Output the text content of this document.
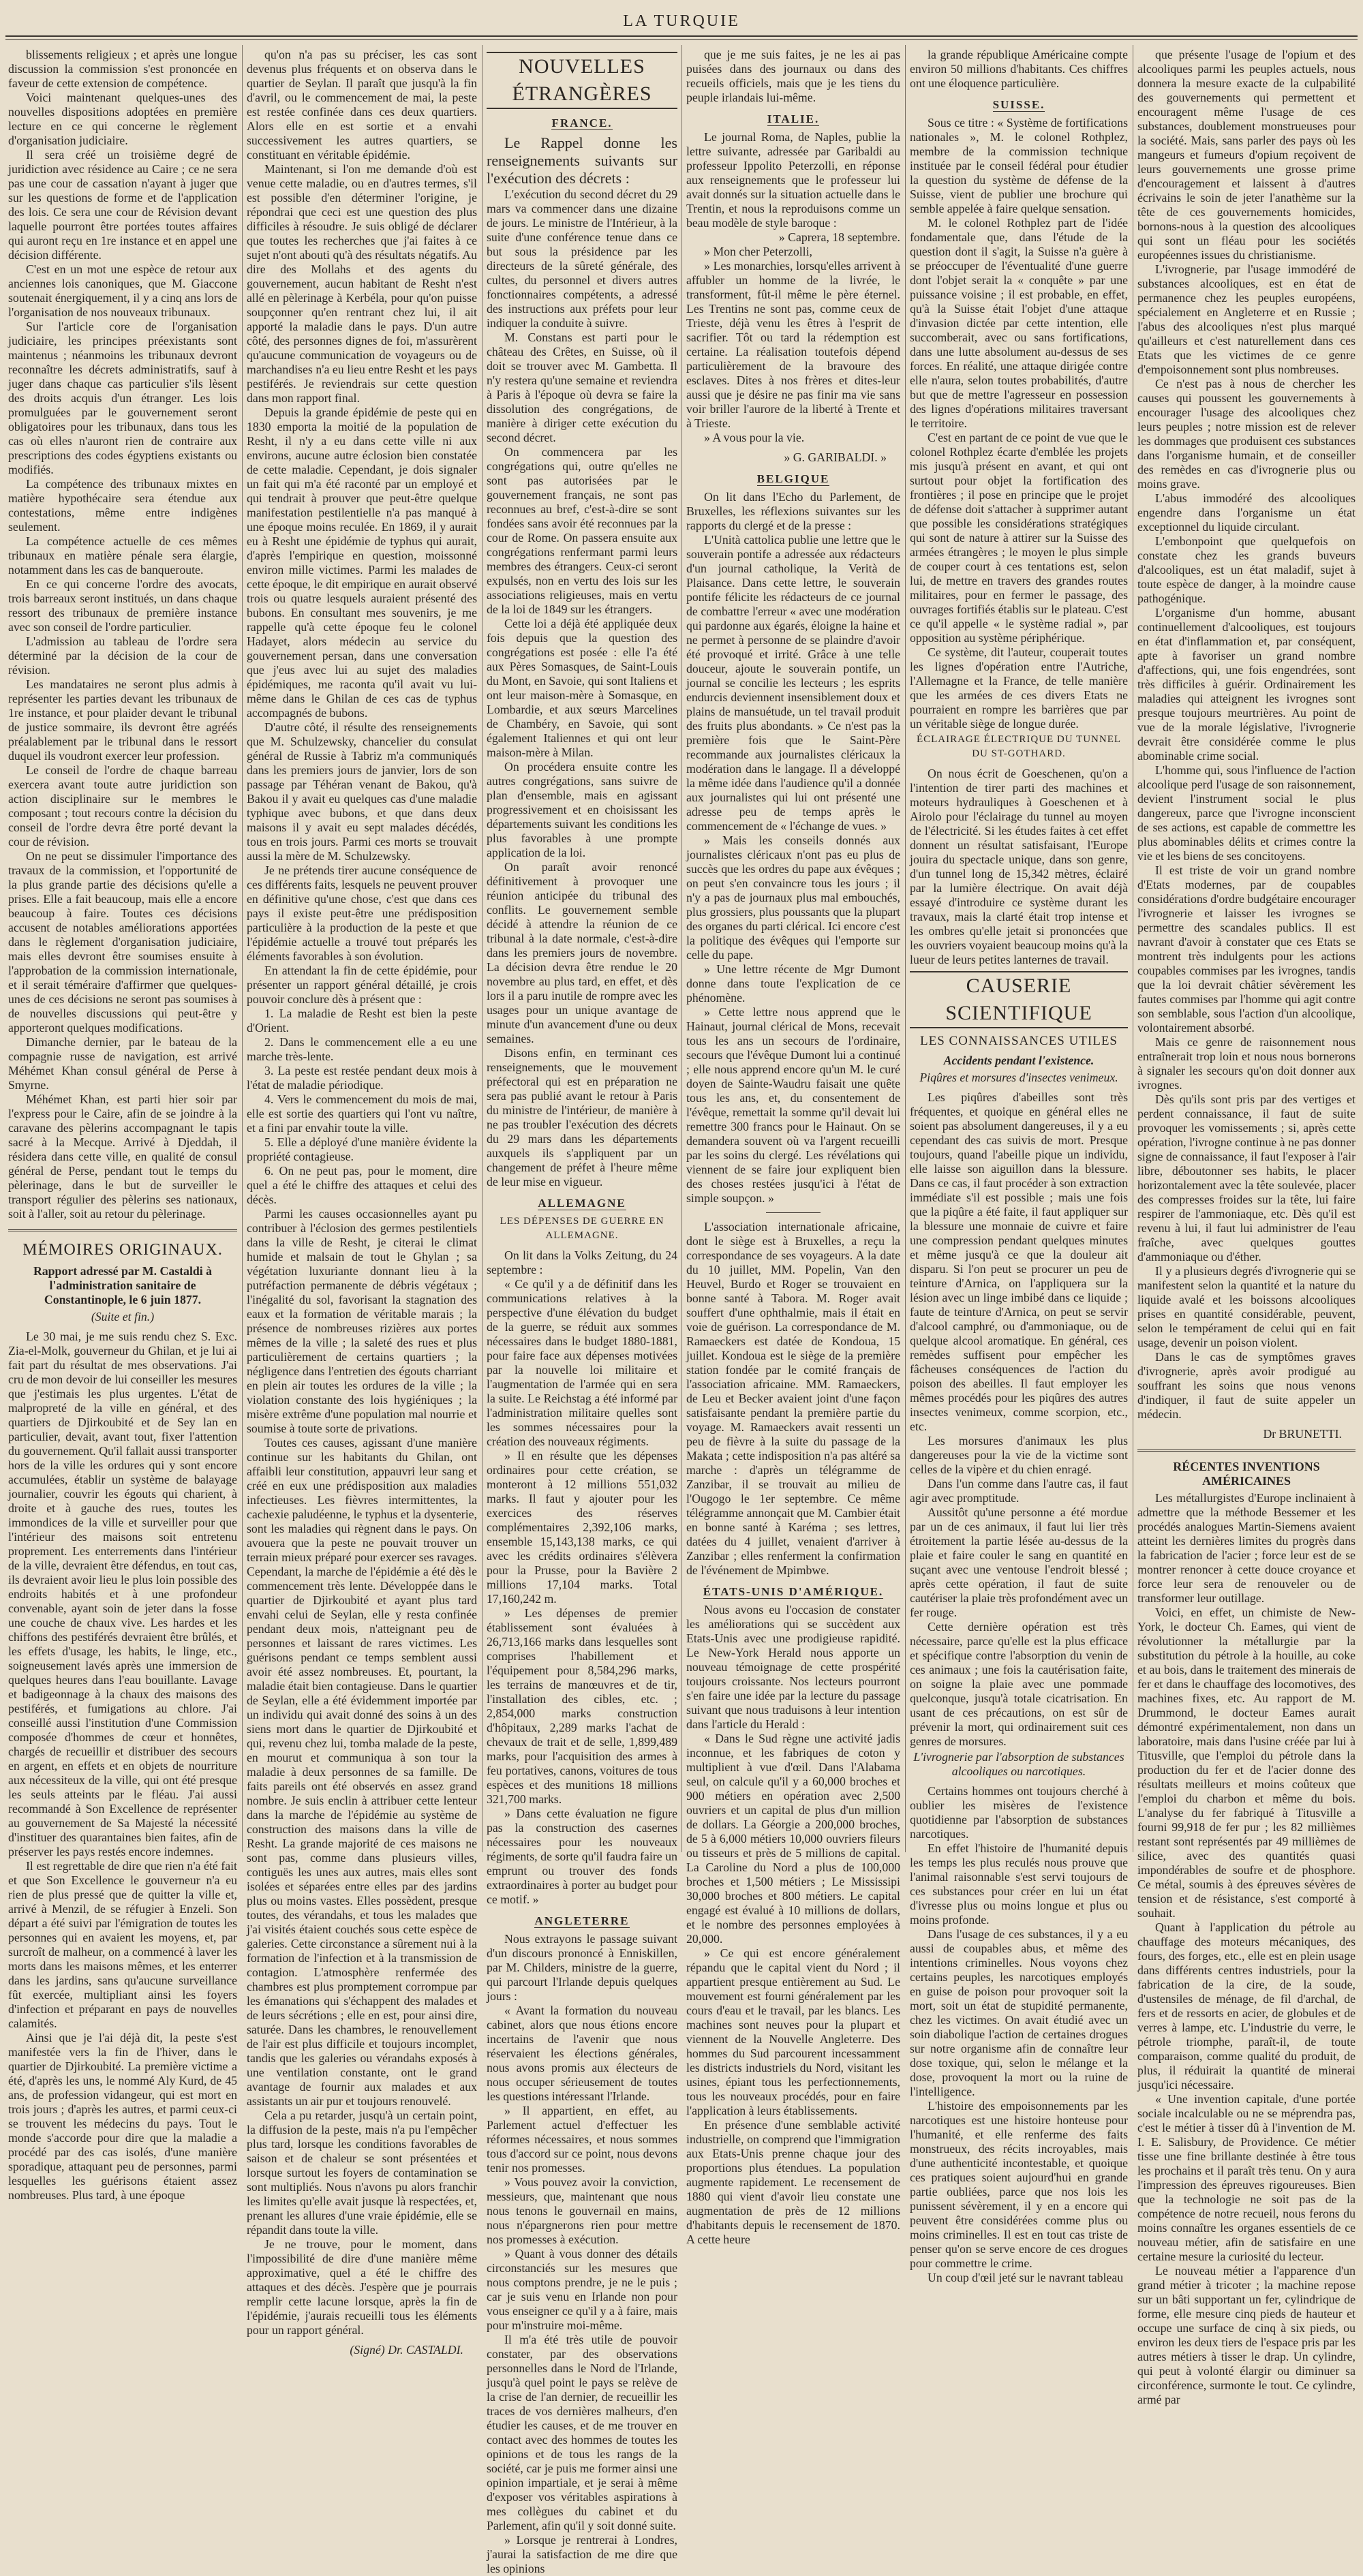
LA TURQUIE

blissements religieux ; et après une longue discussion la commission s'est prononcée en faveur de cette extension de compétence.

Voici maintenant quelques-unes des nouvelles dispositions adoptées en première lecture en ce qui concerne le règlement d'organisation judiciaire.

Il sera créé un troisième degré de juridiction avec résidence au Caire ; ce ne sera pas une cour de cassation n'ayant à juger que sur les questions de forme et de l'application des lois. Ce sera une cour de Révision devant laquelle pourront être portées toutes affaires qui auront reçu en 1re instance et en appel une décision différente.

C'est en un mot une espèce de retour aux anciennes lois canoniques, que M. Giaccone soutenait énergiquement, il y a cinq ans lors de l'organisation de nos nouveaux tribunaux.

Sur l'article core de l'organisation judiciaire, les principes préexistants sont maintenus ; néanmoins les tribunaux devront reconnaître les décrets administratifs, sauf à juger dans chaque cas particulier s'ils lèsent des droits acquis d'un étranger. Les lois promulguées par le gouvernement seront obligatoires pour les tribunaux, dans tous les cas où elles n'auront rien de contraire aux prescriptions des codes égyptiens existants ou modifiés.

La compétence des tribunaux mixtes en matière hypothécaire sera étendue aux contestations, même entre indigènes seulement.

La compétence actuelle de ces mêmes tribunaux en matière pénale sera élargie, notamment dans les cas de banqueroute.

En ce qui concerne l'ordre des avocats, trois barreaux seront institués, un dans chaque ressort des tribunaux de première instance avec son conseil de l'ordre particulier.

L'admission au tableau de l'ordre sera déterminé par la décision de la cour de révision.

Les mandataires ne seront plus admis à représenter les parties devant les tribunaux de 1re instance, et pour plaider devant le tribunal de justice sommaire, ils devront être agréés préalablement par le tribunal dans le ressort duquel ils voudront exercer leur profession.

Le conseil de l'ordre de chaque barreau exercera avant toute autre juridiction son action disciplinaire sur le membres le composant ; tout recours contre la décision du conseil de l'ordre devra être porté devant la cour de révision.

On ne peut se dissimuler l'importance des travaux de la commission, et l'opportunité de la plus grande partie des décisions qu'elle a prises. Elle a fait beaucoup, mais elle a encore beaucoup à faire. Toutes ces décisions accusent de notables améliorations apportées dans le règlement d'organisation judiciaire, mais elles devront être soumises ensuite à l'approbation de la commission internationale, et il serait téméraire d'affirmer que quelques-unes de ces décisions ne seront pas soumises à de nouvelles discussions qui peut-être y apporteront quelques modifications.

Dimanche dernier, par le bateau de la compagnie russe de navigation, est arrivé Méhémet Khan consul général de Perse à Smyrne.

Méhémet Khan, est parti hier soir par l'express pour le Caire, afin de se joindre à la caravane des pèlerins accompagnant le tapis sacré à la Mecque. Arrivé à Djeddah, il résidera dans cette ville, en qualité de consul général de Perse, pendant tout le temps du pèlerinage, dans le but de surveiller le transport régulier des pèlerins ses nationaux, soit à l'aller, soit au retour du pèlerinage.

MÉMOIRES ORIGINAUX.
Rapport adressé par M. Castaldi à l'administration sanitaire de Constantinople, le 6 juin 1877.
(Suite et fin.)

Le 30 mai, je me suis rendu chez S. Exc. Zia-el-Molk, gouverneur du Ghilan, et je lui ai fait part du résultat de mes observations. J'ai cru de mon devoir de lui conseiller les mesures que j'estimais les plus urgentes. L'état de malpropreté de la ville en général, et des quartiers de Djirkoubité et de Sey lan en particulier, devait, avant tout, fixer l'attention du gouvernement. Qu'il fallait aussi transporter hors de la ville les ordures qui y sont encore accumulées, établir un système de balayage journalier, couvrir les égouts qui charient, à droite et à gauche des rues, toutes les immondices de la ville et surveiller pour que l'intérieur des maisons soit entretenu proprement. Les enterrements dans l'intérieur de la ville, devraient être défendus, en tout cas, ils devraient avoir lieu le plus loin possible des endroits habités et à une profondeur convenable, ayant soin de jeter dans la fosse une couche de chaux vive. Les hardes et les chiffons des pestiférés devraient être brûlés, et les effets d'usage, les habits, le linge, etc., soigneusement lavés après une immersion de quelques heures dans l'eau bouillante. Lavage et badigeonnage à la chaux des maisons des pestiférés, et fumigations au chlore. J'ai conseillé aussi l'institution d'une Commission composée d'hommes de cœur et honnêtes, chargés de recueillir et distribuer des secours en argent, en effets et en objets de nourriture aux nécessiteux de la ville, qui ont été presque les seuls atteints par le fléau. J'ai aussi recommandé à Son Excellence de représenter au gouvernement de Sa Majesté la nécessité d'instituer des quarantaines bien faites, afin de préserver les pays restés encore indemnes.

Il est regrettable de dire que rien n'a été fait et que Son Excellence le gouverneur n'a eu rien de plus pressé que de quitter la ville et, arrivé à Menzil, de se réfugier à Enzeli. Son départ a été suivi par l'émigration de toutes les personnes qui en avaient les moyens, et, par surcroît de malheur, on a commencé à laver les morts dans les maisons mêmes, et les enterrer dans les jardins, sans qu'aucune surveillance fût exercée, multipliant ainsi les foyers d'infection et préparant en pays de nouvelles calamités.

Ainsi que je l'ai déjà dit, la peste s'est manifestée vers la fin de l'hiver, dans le quartier de Djirkoubité. La première victime a été, d'après les uns, le nommé Aly Kurd, de 45 ans, de profession vidangeur, qui est mort en trois jours ; d'après les autres, et parmi ceux-ci se trouvent les médecins du pays. Tout le monde s'accorde pour dire que la maladie a procédé par des cas isolés, d'une manière sporadique, attaquant peu de personnes, parmi lesquelles les guérisons étaient assez nombreuses. Plus tard, à une époque

qu'on n'a pas su préciser, les cas sont devenus plus fréquents et on observa dans le quartier de Seylan. Il paraît que jusqu'à la fin d'avril, ou le commencement de mai, la peste est restée confinée dans ces deux quartiers. Alors elle en est sortie et a envahi successivement les autres quartiers, se constituant en véritable épidémie.

Maintenant, si l'on me demande d'où est venue cette maladie, ou en d'autres termes, s'il est possible d'en déterminer l'origine, je répondrai que ceci est une question des plus difficiles à résoudre. Je suis obligé de déclarer que toutes les recherches que j'ai faites à ce sujet n'ont abouti qu'à des résultats négatifs. Au dire des Mollahs et des agents du gouvernement, aucun habitant de Resht n'est allé en pèlerinage à Kerbéla, pour qu'on puisse soupçonner qu'en rentrant chez lui, il ait apporté la maladie dans le pays. D'un autre côté, des personnes dignes de foi, m'assurèrent qu'aucune communication de voyageurs ou de marchandises n'a eu lieu entre Resht et les pays pestiférés. Je reviendrais sur cette question dans mon rapport final.

Depuis la grande épidémie de peste qui en 1830 emporta la moitié de la population de Resht, il n'y a eu dans cette ville ni aux environs, aucune autre éclosion bien constatée de cette maladie. Cependant, je dois signaler un fait qui m'a été raconté par un employé et qui tendrait à prouver que peut-être quelque manifestation pestilentielle n'a pas manqué à une époque moins reculée. En 1869, il y aurait eu à Resht une épidémie de typhus qui aurait, d'après l'empirique en question, moissonné environ mille victimes. Parmi les malades de cette époque, le dit empirique en aurait observé trois ou quatre lesquels auraient présenté des bubons. En consultant mes souvenirs, je me rappelle qu'à cette époque feu le colonel Hadayet, alors médecin au service du gouvernement persan, dans une conversation que j'eus avec lui au sujet des maladies épidémiques, me raconta qu'il avait vu lui-même dans le Ghilan de ces cas de typhus accompagnés de bubons.

D'autre côté, il résulte des renseignements que M. Schulzewsky, chancelier du consulat général de Russie à Tabriz m'a communiqués dans les premiers jours de janvier, lors de son passage par Téhéran venant de Bakou, qu'à Bakou il y avait eu quelques cas d'une maladie typhique avec bubons, et que dans deux maisons il y avait eu sept malades décédés, tous en trois jours. Parmi ces morts se trouvait aussi la mère de M. Schulzewsky.

Je ne prétends tirer aucune conséquence de ces différents faits, lesquels ne peuvent prouver en définitive qu'une chose, c'est que dans ces pays il existe peut-être une prédisposition particulière à la production de la peste et que l'épidémie actuelle a trouvé tout préparés les éléments favorables à son évolution.

En attendant la fin de cette épidémie, pour présenter un rapport général détaillé, je crois pouvoir conclure dès à présent que :

1. La maladie de Resht est bien la peste d'Orient.

2. Dans le commencement elle a eu une marche très-lente.

3. La peste est restée pendant deux mois à l'état de maladie périodique.

4. Vers le commencement du mois de mai, elle est sortie des quartiers qui l'ont vu naître, et a fini par envahir toute la ville.

5. Elle a déployé d'une manière évidente la propriété contagieuse.

6. On ne peut pas, pour le moment, dire quel a été le chiffre des attaques et celui des décès.

Parmi les causes occasionnelles ayant pu contribuer à l'éclosion des germes pestilentiels dans la ville de Resht, je citerai le climat humide et malsain de tout le Ghylan ; sa végétation luxuriante donnant lieu à la putréfaction permanente de débris végétaux ; l'inégalité du sol, favorisant la stagnation des eaux et la formation de véritable marais ; la présence de nombreuses rizières aux portes mêmes de la ville ; la saleté des rues et plus particulièrement de certains quartiers ; la négligence dans l'entretien des égouts charriant en plein air toutes les ordures de la ville ; la violation constante des lois hygiéniques ; la misère extrême d'une population mal nourrie et soumise à toute sorte de privations.

Toutes ces causes, agissant d'une manière continue sur les habitants du Ghilan, ont affaibli leur constitution, appauvri leur sang et créé en eux une prédisposition aux maladies infectieuses. Les fièvres intermittentes, la cachexie paludéenne, le typhus et la dysenterie, sont les maladies qui règnent dans le pays. On avouera que la peste ne pouvait trouver un terrain mieux préparé pour exercer ses ravages. Cependant, la marche de l'épidémie a été dès le commencement très lente. Développée dans le quartier de Djirkoubité et ayant plus tard envahi celui de Seylan, elle y resta confinée pendant deux mois, n'atteignant peu de personnes et laissant de rares victimes. Les guérisons pendant ce temps semblent aussi avoir été assez nombreuses. Et, pourtant, la maladie était bien contagieuse. Dans le quartier de Seylan, elle a été évidemment importée par un individu qui avait donné des soins à un des siens mort dans le quartier de Djirkoubité et qui, revenu chez lui, tomba malade de la peste, en mourut et communiqua à son tour la maladie à deux personnes de sa famille. De faits pareils ont été observés en assez grand nombre. Je suis enclin à attribuer cette lenteur dans la marche de l'épidémie au système de construction des maisons dans la ville de Resht. La grande majorité de ces maisons ne sont pas, comme dans plusieurs villes, contiguës les unes aux autres, mais elles sont isolées et séparées entre elles par des jardins plus ou moins vastes. Elles possèdent, presque toutes, des vérandahs, et tous les malades que j'ai visités étaient couchés sous cette espèce de galeries. Cette circonstance a sûrement nui à la formation de l'infection et à la transmission de contagion. L'atmosphère renfermée des chambres est plus promptement corrompue par les émanations qui s'échappent des malades et de leurs sécrétions ; elle en est, pour ainsi dire, saturée. Dans les chambres, le renouvellement de l'air est plus difficile et toujours incomplet, tandis que les galeries ou vérandahs exposés à une ventilation constante, ont le grand avantage de fournir aux malades et aux assistants un air pur et toujours renouvelé.

Cela a pu retarder, jusqu'à un certain point, la diffusion de la peste, mais n'a pu l'empêcher plus tard, lorsque les conditions favorables de saison et de chaleur se sont présentées et lorsque surtout les foyers de contamination se sont multipliés. Nous n'avons pu alors franchir les limites qu'elle avait jusque là respectées, et, prenant les allures d'une vraie épidémie, elle se répandit dans toute la ville.

Je ne trouve, pour le moment, dans l'impossibilité de dire d'une manière même approximative, quel a été le chiffre des attaques et des décès. J'espère que je pourrais remplir cette lacune lorsque, après la fin de l'épidémie, j'aurais recueilli tous les éléments pour un rapport général.

(Signé) Dr. CASTALDI.
NOUVELLES ÉTRANGÈRES
FRANCE.

Le Rappel donne les renseignements suivants sur l'exécution des décrets :

L'exécution du second décret du 29 mars va commencer dans une dizaine de jours. Le ministre de l'Intérieur, à la suite d'une conférence tenue dans ce but sous la présidence par les directeurs de la sûreté générale, des cultes, du personnel et divers autres fonctionnaires compétents, a adressé des instructions aux préfets pour leur indiquer la conduite à suivre.

M. Constans est parti pour le château des Crêtes, en Suisse, où il doit se trouver avec M. Gambetta. Il n'y restera qu'une semaine et reviendra à Paris à l'époque où devra se faire la dissolution des congrégations, de manière à diriger cette exécution du second décret.

On commencera par les congrégations qui, outre qu'elles ne sont pas autorisées par le gouvernement français, ne sont pas reconnues au bref, c'est-à-dire se sont fondées sans avoir été reconnues par la cour de Rome. On passera ensuite aux congrégations renfermant parmi leurs membres des étrangers. Ceux-ci seront expulsés, non en vertu des lois sur les associations religieuses, mais en vertu de la loi de 1849 sur les étrangers.

Cette loi a déjà été appliquée deux fois depuis que la question des congrégations est posée : elle l'a été aux Pères Somasques, de Saint-Louis du Mont, en Savoie, qui sont Italiens et ont leur maison-mère à Somasque, en Lombardie, et aux sœurs Marcelines de Chambéry, en Savoie, qui sont également Italiennes et qui ont leur maison-mère à Milan.

On procédera ensuite contre les autres congrégations, sans suivre de plan d'ensemble, mais en agissant progressivement et en choisissant les départements suivant les conditions les plus favorables à une prompte application de la loi.

On paraît avoir renoncé définitivement à provoquer une réunion anticipée du tribunal des conflits. Le gouvernement semble décidé à attendre la réunion de ce tribunal à la date normale, c'est-à-dire dans les premiers jours de novembre. La décision devra être rendue le 20 novembre au plus tard, en effet, et dès lors il a paru inutile de rompre avec les usages pour un unique avantage de minute d'un avancement d'une ou deux semaines.

Disons enfin, en terminant ces renseignements, que le mouvement préfectoral qui est en préparation ne sera pas publié avant le retour à Paris du ministre de l'intérieur, de manière à ne pas troubler l'exécution des décrets du 29 mars dans les départements auxquels ils s'appliquent par un changement de préfet à l'heure même de leur mise en vigueur.

ALLEMAGNE
LES DÉPENSES DE GUERRE EN ALLEMAGNE.

On lit dans la Volks Zeitung, du 24 septembre :

« Ce qu'il y a de définitif dans les communications relatives à la perspective d'une élévation du budget de la guerre, se réduit aux sommes nécessaires dans le budget 1880-1881, pour faire face aux dépenses motivées par la nouvelle loi militaire et l'augmentation de l'armée qui en sera la suite. Le Reichstag a été informé par l'administration militaire quelles sont les sommes nécessaires pour la création des nouveaux régiments.

» Il en résulte que les dépenses ordinaires pour cette création, se monteront à 12 millions 551,032 marks. Il faut y ajouter pour les exercices des réserves complémentaires 2,392,106 marks, ensemble 15,143,138 marks, ce qui avec les crédits ordinaires s'élèvera pour la Prusse, pour la Bavière 2 millions 17,104 marks. Total 17,160,242 m.

» Les dépenses de premier établissement sont évaluées à 26,713,166 marks dans lesquelles sont comprises l'habillement et l'équipement pour 8,584,296 marks, les terrains de manœuvres et de tir, l'installation des cibles, etc. ; 2,854,000 marks construction d'hôpitaux, 2,289 marks l'achat de chevaux de trait et de selle, 1,899,489 marks, pour l'acquisition des armes à feu portatives, canons, voitures de tous espèces et des munitions 18 millions 321,700 marks.

» Dans cette évaluation ne figure pas la construction des casernes nécessaires pour les nouveaux régiments, de sorte qu'il faudra faire un emprunt ou trouver des fonds extraordinaires à porter au budget pour ce motif. »

ANGLETERRE

Nous extrayons le passage suivant d'un discours prononcé à Enniskillen, par M. Childers, ministre de la guerre, qui parcourt l'Irlande depuis quelques jours :

« Avant la formation du nouveau cabinet, alors que nous étions encore incertains de l'avenir que nous réservaient les élections générales, nous avons promis aux électeurs de nous occuper sérieusement de toutes les questions intéressant l'Irlande.

» Il appartient, en effet, au Parlement actuel d'effectuer les réformes nécessaires, et nous sommes tous d'accord sur ce point, nous devons tenir nos promesses.

» Vous pouvez avoir la conviction, messieurs, que, maintenant que nous nous tenons le gouvernail en mains, nous n'épargnerons rien pour mettre nos promesses à exécution.

» Quant à vous donner des détails circonstanciés sur les mesures que nous comptons prendre, je ne le puis ; car je suis venu en Irlande non pour vous enseigner ce qu'il y a à faire, mais pour m'instruire moi-même.

Il m'a été très utile de pouvoir constater, par des observations personnelles dans le Nord de l'Irlande, jusqu'à quel point le pays se relève de la crise de l'an dernier, de recueillir les traces de vos dernières malheurs, d'en étudier les causes, et de me trouver en contact avec des hommes de toutes les opinions et de tous les rangs de la société, car je puis me former ainsi une opinion impartiale, et je serai à même d'exposer vos véritables aspirations à mes collègues du cabinet et du Parlement, afin qu'il y soit donné suite.

» Lorsque je rentrerai à Londres, j'aurai la satisfaction de me dire que les opinions

que je me suis faites, je ne les ai pas puisées dans des journaux ou dans des recueils officiels, mais que je les tiens du peuple irlandais lui-même.

ITALIE.

Le journal Roma, de Naples, publie la lettre suivante, adressée par Garibaldi au professeur Ippolito Peterzolli, en réponse aux renseignements que le professeur lui avait donnés sur la situation actuelle dans le Trentin, et nous la reproduisons comme un beau modèle de style baroque :

» Caprera, 18 septembre.

» Mon cher Peterzolli,

» Les monarchies, lorsqu'elles arrivent à affubler un homme de la livrée, le transforment, fût-il même le père éternel. Les Trentins ne sont pas, comme ceux de Trieste, déjà venu les êtres à l'esprit de sacrifier. Tôt ou tard la rédemption est certaine. La réalisation toutefois dépend particulièrement de la bravoure des esclaves. Dites à nos frères et dites-leur aussi que je désire ne pas finir ma vie sans voir briller l'aurore de la liberté à Trente et à Trieste.

» A vous pour la vie.

» G. GARIBALDI. »
BELGIQUE

On lit dans l'Echo du Parlement, de Bruxelles, les réflexions suivantes sur les rapports du clergé et de la presse :

L'Unità cattolica publie une lettre que le souverain pontife a adressée aux rédacteurs d'un journal catholique, la Verità de Plaisance. Dans cette lettre, le souverain pontife félicite les rédacteurs de ce journal de combattre l'erreur « avec une modération qui pardonne aux égarés, éloigne la haine et ne permet à personne de se plaindre d'avoir été provoqué et irrité. Grâce à une telle douceur, ajoute le souverain pontife, un journal se concilie les lecteurs ; les esprits endurcis deviennent insensiblement doux et plains de mansuétude, un tel travail produit des fruits plus abondants. » Ce n'est pas la première fois que le Saint-Père recommande aux journalistes cléricaux la modération dans le langage. Il a développé la même idée dans l'audience qu'il a donnée aux journalistes qui lui ont présenté une adresse peu de temps après le commencement de « l'échange de vues. »

» Mais les conseils donnés aux journalistes cléricaux n'ont pas eu plus de succès que les ordres du pape aux évêques ; on peut s'en convaincre tous les jours ; il n'y a pas de journaux plus mal embouchés, plus grossiers, plus poussants que la plupart des organes du parti clérical. Ici encore c'est la politique des évêques qui l'emporte sur celle du pape.

» Une lettre récente de Mgr Dumont donne dans toute l'explication de ce phénomène.

» Cette lettre nous apprend que le Hainaut, journal clérical de Mons, recevait tous les ans un secours de l'ordinaire, secours que l'évêque Dumont lui a continué ; elle nous apprend encore qu'un M. le curé doyen de Sainte-Waudru faisait une quête tous les ans, et, du consentement de l'évêque, remettait la somme qu'il devait lui remettre 300 francs pour le Hainaut. On se demandera souvent où va l'argent recueilli par les soins du clergé. Les révélations qui viennent de se faire jour expliquent bien des choses restées jusqu'ici à l'état de simple soupçon. »

L'association internationale africaine, dont le siège est à Bruxelles, a reçu la correspondance de ses voyageurs. A la date du 10 juillet, MM. Popelin, Van den Heuvel, Burdo et Roger se trouvaient en bonne santé à Tabora. M. Roger avait souffert d'une ophthalmie, mais il était en voie de guérison. La correspondance de M. Ramaeckers est datée de Kondoua, 15 juillet. Kondoua est le siège de la première station fondée par le comité français de l'association africaine. MM. Ramaeckers, de Leu et Becker avaient joint d'une façon satisfaisante pendant la première partie du voyage. M. Ramaeckers avait ressenti un peu de fièvre à la suite du passage de la Makata ; cette indisposition n'a pas altéré sa marche : d'après un télégramme de Zanzibar, il se trouvait au milieu de l'Ougogo le 1er septembre. Ce même télégramme annonçait que M. Cambier était en bonne santé à Karéma ; ses lettres, datées du 4 juillet, venaient d'arriver à Zanzibar ; elles renferment la confirmation de l'événement de Mpimbwe.

ÉTATS-UNIS D'AMÉRIQUE.

Nous avons eu l'occasion de constater les améliorations qui se succèdent aux Etats-Unis avec une prodigieuse rapidité. Le New-York Herald nous apporte un nouveau témoignage de cette prospérité toujours croissante. Nos lecteurs pourront s'en faire une idée par la lecture du passage suivant que nous traduisons à leur intention dans l'article du Herald :

« Dans le Sud règne une activité jadis inconnue, et les fabriques de coton y multiplient à vue d'œil. Dans l'Alabama seul, on calcule qu'il y a 60,000 broches et 900 métiers en opération avec 2,500 ouvriers et un capital de plus d'un million de dollars. La Géorgie a 200,000 broches, de 5 à 6,000 métiers 10,000 ouvriers fileurs ou tisseurs et près de 5 millions de capital. La Caroline du Nord a plus de 100,000 broches et 1,500 métiers ; Le Mississipi 30,000 broches et 800 métiers. Le capital engagé est évalué à 10 millions de dollars, et le nombre des personnes employées à 20,000.

» Ce qui est encore généralement répandu que le capital vient du Nord ; il appartient presque entièrement au Sud. Le mouvement est fourni généralement par les cours d'eau et le travail, par les blancs. Les machines sont neuves pour la plupart et viennent de la Nouvelle Angleterre. Des hommes du Sud parcourent incessamment les districts industriels du Nord, visitant les usines, épiant tous les perfectionnements, tous les nouveaux procédés, pour en faire l'application à leurs établissements.

En présence d'une semblable activité industrielle, on comprend que l'immigration aux Etats-Unis prenne chaque jour des proportions plus étendues. La population augmente rapidement. Le recensement de 1880 qui vient d'avoir lieu constate une augmentation de près de 12 millions d'habitants depuis le recensement de 1870. A cette heure

la grande république Américaine compte environ 50 millions d'habitants. Ces chiffres ont une éloquence particulière.

SUISSE.

Sous ce titre : « Système de fortifications nationales », M. le colonel Rothplez, membre de la commission technique instituée par le conseil fédéral pour étudier la question du système de défense de la Suisse, vient de publier une brochure qui semble appelée à faire quelque sensation.

M. le colonel Rothplez part de l'idée fondamentale que, dans l'étude de la question dont il s'agit, la Suisse n'a guère à se préoccuper de l'éventualité d'une guerre dont l'objet serait la « conquête » par une puissance voisine ; il est probable, en effet, qu'à la Suisse était l'objet d'une attaque d'invasion dictée par cette intention, elle succomberait, avec ou sans fortifications, dans une lutte absolument au-dessus de ses forces. En réalité, une attaque dirigée contre elle n'aura, selon toutes probabilités, d'autre but que de mettre l'agresseur en possession des lignes d'opérations militaires traversant le territoire.

C'est en partant de ce point de vue que le colonel Rothplez écarte d'emblée les projets mis jusqu'à présent en avant, et qui ont surtout pour objet la fortification des frontières ; il pose en principe que le projet de défense doit s'attacher à supprimer autant que possible les considérations stratégiques qui sont de nature à attirer sur la Suisse des armées étrangères ; le moyen le plus simple de couper court à ces tentations est, selon lui, de mettre en travers des grandes routes militaires, pour en fermer le passage, des ouvrages fortifiés établis sur le plateau. C'est ce qu'il appelle « le système radial », par opposition au système périphérique.

Ce système, dit l'auteur, couperait toutes les lignes d'opération entre l'Autriche, l'Allemagne et la France, de telle manière que les armées de ces divers Etats ne pourraient en rompre les barrières que par un véritable siège de longue durée.

ÉCLAIRAGE ÉLECTRIQUE DU TUNNEL DU ST-GOTHARD.

On nous écrit de Goeschenen, qu'on a l'intention de tirer parti des machines et moteurs hydrauliques à Goeschenen et à Airolo pour l'éclairage du tunnel au moyen de l'électricité. Si les études faites à cet effet donnent un résultat satisfaisant, l'Europe jouira du spectacle unique, dans son genre, d'un tunnel long de 15,342 mètres, éclairé par la lumière électrique. On avait déjà essayé d'introduire ce système durant les travaux, mais la clarté était trop intense et les ombres qu'elle jetait si prononcées que les ouvriers voyaient beaucoup moins qu'à la lueur de leurs petites lanternes de travail.

CAUSERIE SCIENTIFIQUE
LES CONNAISSANCES UTILES
Accidents pendant l'existence.
Piqûres et morsures d'insectes venimeux.

Les piqûres d'abeilles sont très fréquentes, et quoique en général elles ne soient pas absolument dangereuses, il y a eu cependant des cas suivis de mort. Presque toujours, quand l'abeille pique un individu, elle laisse son aiguillon dans la blessure. Dans ce cas, il faut procéder à son extraction immédiate s'il est possible ; mais une fois que la piqûre a été faite, il faut appliquer sur la blessure une monnaie de cuivre et faire une compression pendant quelques minutes et même jusqu'à ce que la douleur ait disparu. Si l'on peut se procurer un peu de teinture d'Arnica, on l'appliquera sur la lésion avec un linge imbibé dans ce liquide ; faute de teinture d'Arnica, on peut se servir d'alcool camphré, ou d'ammoniaque, ou de quelque alcool aromatique. En général, ces remèdes suffisent pour empêcher les fâcheuses conséquences de l'action du poison des abeilles. Il faut employer les mêmes procédés pour les piqûres des autres insectes venimeux, comme scorpion, etc., etc.

Les morsures d'animaux les plus dangereuses pour la vie de la victime sont celles de la vipère et du chien enragé.

Dans l'un comme dans l'autre cas, il faut agir avec promptitude.

Aussitôt qu'une personne a été mordue par un de ces animaux, il faut lui lier très étroitement la partie lésée au-dessus de la plaie et faire couler le sang en quantité en suçant avec une ventouse l'endroit blessé ; après cette opération, il faut de suite cautériser la plaie très profondément avec un fer rouge.

Cette dernière opération est très nécessaire, parce qu'elle est la plus efficace et spécifique contre l'absorption du venin de ces animaux ; une fois la cautérisation faite, on soigne la plaie avec une pommade quelconque, jusqu'à totale cicatrisation. En usant de ces précautions, on est sûr de prévenir la mort, qui ordinairement suit ces genres de morsures.

L'ivrognerie par l'absorption de substances alcooliques ou narcotiques.

Certains hommes ont toujours cherché à oublier les misères de l'existence quotidienne par l'absorption de substances narcotiques.

En effet l'histoire de l'humanité depuis les temps les plus reculés nous prouve que l'animal raisonnable s'est servi toujours de ces substances pour créer en lui un état d'ivresse plus ou moins longue et plus ou moins profonde.

Dans l'usage de ces substances, il y a eu aussi de coupables abus, et même des intentions criminelles. Nous voyons chez certains peuples, les narcotiques employés en guise de poison pour provoquer soit la mort, soit un état de stupidité permanente, chez les victimes. On avait étudié avec un soin diabolique l'action de certaines drogues sur notre organisme afin de connaître leur dose toxique, qui, selon le mélange et la dose, provoquent la mort ou la ruine de l'intelligence.

L'histoire des empoisonnements par les narcotiques est une histoire honteuse pour l'humanité, et elle renferme des faits monstrueux, des récits incroyables, mais d'une authenticité incontestable, et quoique ces pratiques soient aujourd'hui en grande partie oubliées, parce que nos lois les punissent sévèrement, il y en a encore qui peuvent être considérées comme plus ou moins criminelles. Il est en tout cas triste de penser qu'on se serve encore de ces drogues pour commettre le crime.

Un coup d'œil jeté sur le navrant tableau

que présente l'usage de l'opium et des alcooliques parmi les peuples actuels, nous donnera la mesure exacte de la culpabilité des gouvernements qui permettent et encouragent même l'usage de ces substances, doublement monstrueuses pour la société. Mais, sans parler des pays où les mangeurs et fumeurs d'opium reçoivent de leurs gouvernements une grosse prime d'encouragement et laissent à d'autres écrivains le soin de jeter l'anathème sur la tête de ces gouvernements homicides, bornons-nous à la question des alcooliques qui sont un fléau pour les sociétés européennes issues du christianisme.

L'ivrognerie, par l'usage immodéré de substances alcooliques, est en état de permanence chez les peuples européens, spécialement en Angleterre et en Russie ; l'abus des alcooliques n'est plus marqué qu'ailleurs et c'est naturellement dans ces Etats que les victimes de ce genre d'empoisonnement sont plus nombreuses.

Ce n'est pas à nous de chercher les causes qui poussent les gouvernements à encourager l'usage des alcooliques chez leurs peuples ; notre mission est de relever les dommages que produisent ces substances dans l'organisme humain, et de conseiller des remèdes en cas d'ivrognerie plus ou moins grave.

L'abus immodéré des alcooliques engendre dans l'organisme un état exceptionnel du liquide circulant.

L'embonpoint que quelquefois on constate chez les grands buveurs d'alcooliques, est un état maladif, sujet à toute espèce de danger, à la moindre cause pathogénique.

L'organisme d'un homme, abusant continuellement d'alcooliques, est toujours en état d'inflammation et, par conséquent, apte à favoriser un grand nombre d'affections, qui, une fois engendrées, sont très difficiles à guérir. Ordinairement les maladies qui atteignent les ivrognes sont presque toujours meurtrières. Au point de vue de la morale législative, l'ivrognerie devrait être considérée comme le plus abominable crime social.

L'homme qui, sous l'influence de l'action alcoolique perd l'usage de son raisonnement, devient l'instrument social le plus dangereux, parce que l'ivrogne inconscient de ses actions, est capable de commettre les plus abominables délits et crimes contre la vie et les biens de ses concitoyens.

Il est triste de voir un grand nombre d'Etats modernes, par de coupables considérations d'ordre budgétaire encourager l'ivrognerie et laisser les ivrognes se permettre des scandales publics. Il est navrant d'avoir à constater que ces Etats se montrent très indulgents pour les actions coupables commises par les ivrognes, tandis que la loi devrait châtier sévèrement les fautes commises par l'homme qui agit contre son semblable, sous l'action d'un alcoolique, volontairement absorbé.

Mais ce genre de raisonnement nous entraînerait trop loin et nous nous bornerons à signaler les secours qu'on doit donner aux ivrognes.

Dès qu'ils sont pris par des vertiges et perdent connaissance, il faut de suite provoquer les vomissements ; si, après cette opération, l'ivrogne continue à ne pas donner signe de connaissance, il faut l'exposer à l'air libre, déboutonner ses habits, le placer horizontalement avec la tête soulevée, placer des compresses froides sur la tête, lui faire respirer de l'ammoniaque, etc. Dès qu'il est revenu à lui, il faut lui administrer de l'eau fraîche, avec quelques gouttes d'ammoniaque ou d'éther.

Il y a plusieurs degrés d'ivrognerie qui se manifestent selon la quantité et la nature du liquide avalé et les boissons alcooliques prises en quantité considérable, peuvent, selon le tempérament de celui qui en fait usage, devenir un poison violent.

Dans le cas de symptômes graves d'ivrognerie, après avoir prodigué au souffrant les soins que nous venons d'indiquer, il faut de suite appeler un médecin.

Dr BRUNETTI.
RÉCENTES INVENTIONS AMÉRICAINES

Les métallurgistes d'Europe inclinaient à admettre que la méthode Bessemer et les procédés analogues Martin-Siemens avaient atteint les dernières limites du progrès dans la fabrication de l'acier ; force leur est de se montrer renoncer à cette douce croyance et force leur sera de renouveler ou de transformer leur outillage.

Voici, en effet, un chimiste de New-York, le docteur Ch. Eames, qui vient de révolutionner la métallurgie par la substitution du pétrole à la houille, au coke et au bois, dans le traitement des minerais de fer et dans le chauffage des locomotives, des machines fixes, etc. Au rapport de M. Drummond, le docteur Eames aurait démontré expérimentalement, non dans un laboratoire, mais dans l'usine créée par lui à Titusville, que l'emploi du pétrole dans la production du fer et de l'acier donne des résultats meilleurs et moins coûteux que l'emploi du charbon et même du bois. L'analyse du fer fabriqué à Titusville a fourni 99,918 de fer pur ; les 82 millièmes restant sont représentés par 49 millièmes de silice, avec des quantités quasi impondérables de soufre et de phosphore. Ce métal, soumis à des épreuves sévères de tension et de résistance, s'est comporté à souhait.

Quant à l'application du pétrole au chauffage des moteurs mécaniques, des fours, des forges, etc., elle est en plein usage dans différents centres industriels, pour la fabrication de la cire, de la soude, d'ustensiles de ménage, de fil d'archal, de fers et de ressorts en acier, de globules et de verres à lampe, etc. L'industrie du verre, le pétrole triomphe, paraît-il, de toute comparaison, comme qualité du produit, de plus, il réduirait la quantité de minerai jusqu'ici nécessaire.

« Une invention capitale, d'une portée sociale incalculable ou ne se méprendra pas, c'est le métier à tisser dû à l'invention de M. I. E. Salisbury, de Providence. Ce métier tisse une fine brillante destinée à être tous les prochains et il paraît très tenu. On y aura l'impression des épreuves rigoureuses. Bien que la technologie ne soit pas de la compétence de notre recueil, nous ferons du moins connaître les organes essentiels de ce nouveau métier, afin de satisfaire en une certaine mesure la curiosité du lecteur.

Le nouveau métier a l'apparence d'un grand métier à tricoter ; la machine repose sur un bâti supportant un fer, cylindrique de forme, elle mesure cinq pieds de hauteur et occupe une surface de cinq à six pieds, ou environ les deux tiers de l'espace pris par les autres métiers à tisser le drap. Un cylindre, qui peut à volonté élargir ou diminuer sa circonférence, surmonte le tout. Ce cylindre, armé par
